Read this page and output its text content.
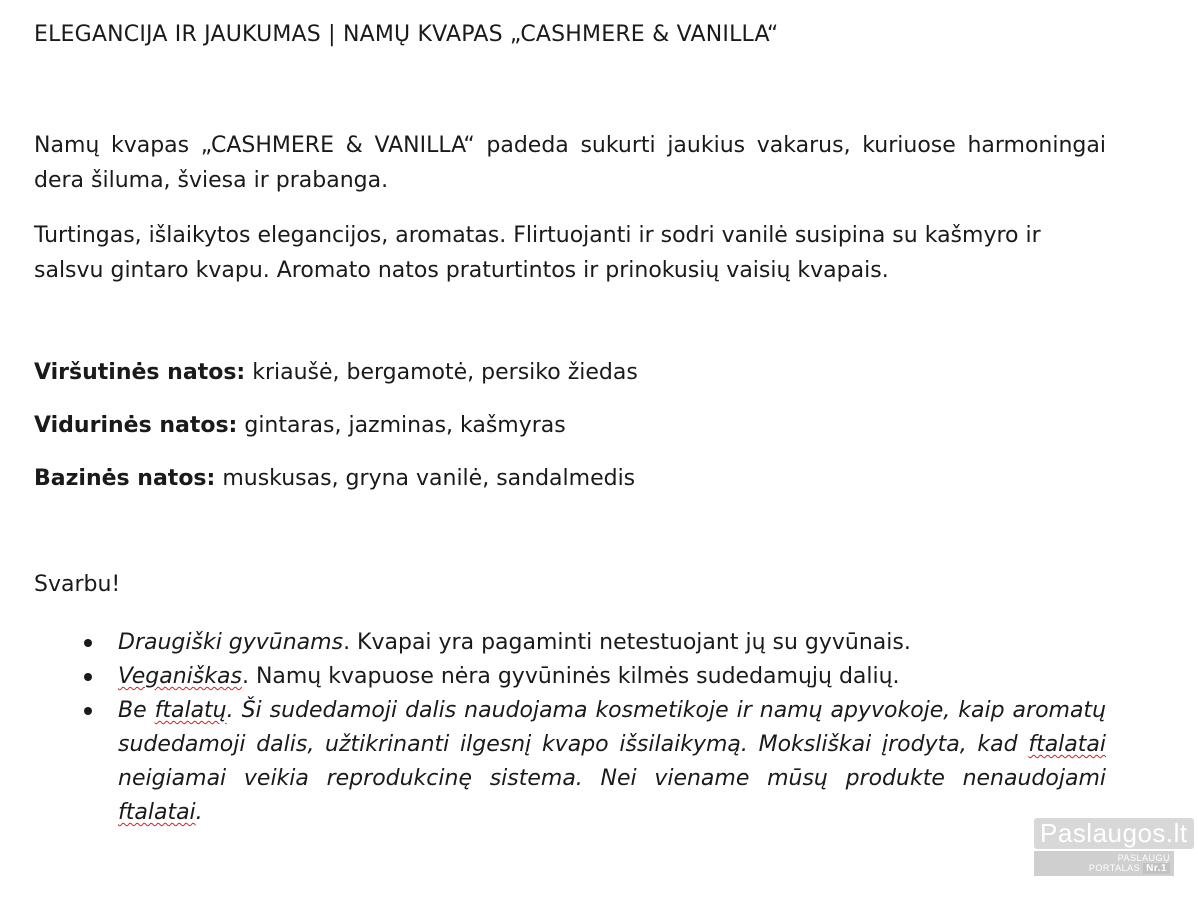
ELEGANCIJA IR JAUKUMAS | NAMŲ KVAPAS „CASHMERE & VANILLA“

Namų kvapas „CASHMERE & VANILLA“ padeda sukurti jaukius vakarus, kuriuose harmoningai dera šiluma, šviesa ir prabanga.

Turtingas, išlaikytos elegancijos, aromatas. Flirtuojanti ir sodri vanilė susipina su kašmyro ir salsvu gintaro kvapu. Aromato natos praturtintos ir prinokusių vaisių kvapais.

Viršutinės natos: kriaušė, bergamotė, persiko žiedas

Vidurinės natos: gintaras, jazminas, kašmyras

Bazinės natos: muskusas, gryna vanilė, sandalmedis

Svarbu!

Draugiški gyvūnams. Kvapai yra pagaminti netestuojant jų su gyvūnais.
Veganiškas. Namų kvapuose nėra gyvūninės kilmės sudedamųjų dalių.
Be ftalatų. Ši sudedamoji dalis naudojama kosmetikoje ir namų apyvokoje, kaip aromatų sudedamoji dalis, užtikrinanti ilgesnį kvapo išsilaikymą. Moksliškai įrodyta, kad ftalatai neigiamai veikia reprodukcinę sistema. Nei viename mūsų produkte nenaudojami ftalatai.
Paslaugos.lt
PASLAUGŲ PORTALAS Nr.1
